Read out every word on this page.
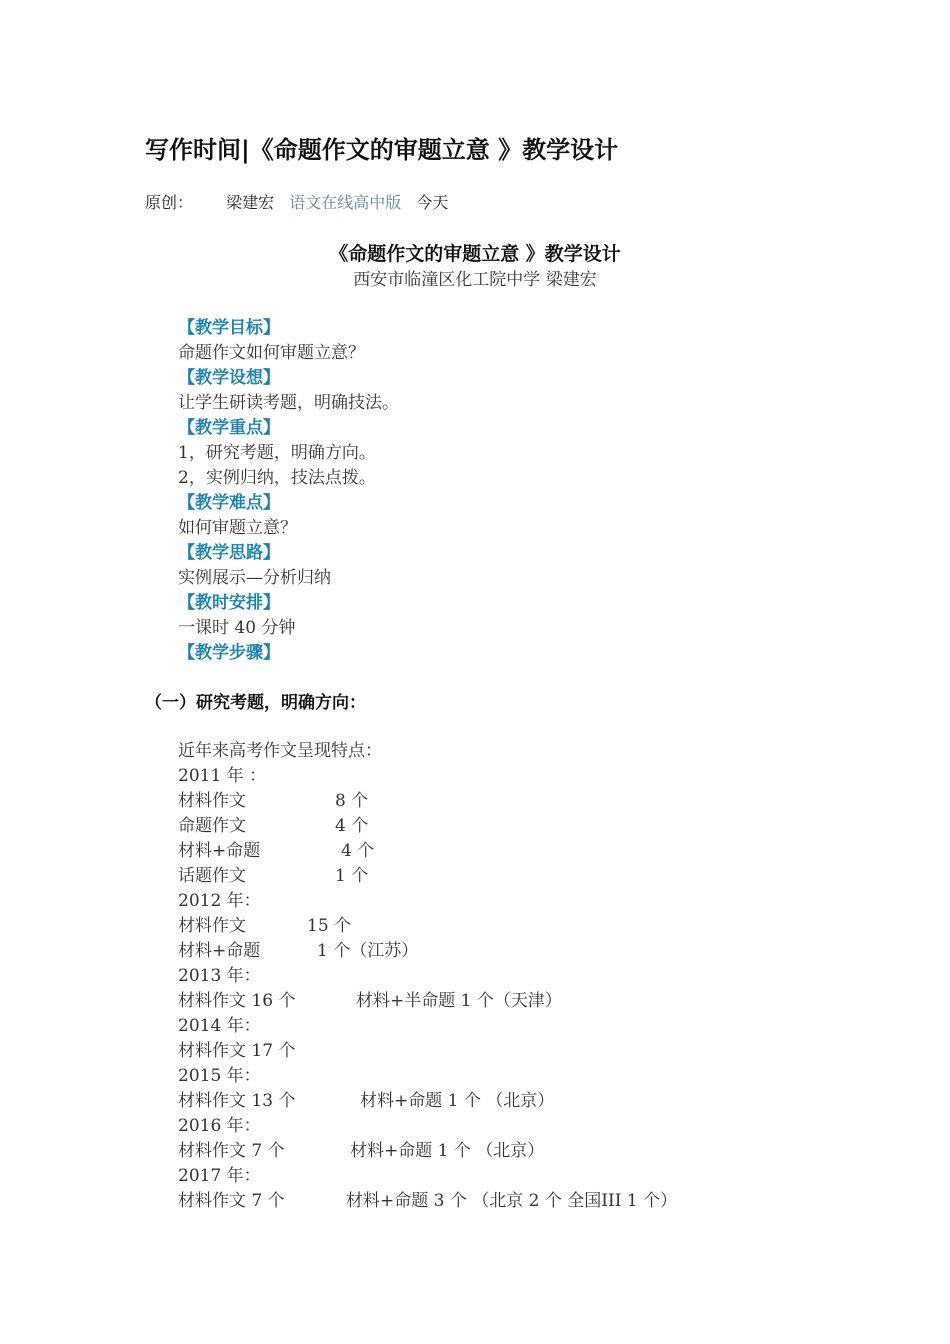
写作时间|《命题作文的审题立意 》教学设计
原创： 梁建宏 语文在线高中版 今天
《命题作文的审题立意 》教学设计
西安市临潼区化工院中学 梁建宏
【教学目标】
命题作文如何审题立意？
【教学设想】
让学生研读考题，明确技法。
【教学重点】
1，研究考题，明确方向。
2，实例归纳，技法点拨。
【教学难点】
如何审题立意？
【教学思路】
实例展示—分析归纳
【教时安排】
一课时 40 分钟
【教学步骤】
（一）研究考题，明确方向：
近年来高考作文呈现特点：
2011 年 ：
材料作文	8 个
命题作文	4 个
材料+命题	4 个
话题作文	1 个
2012 年：
材料作文	15 个
材料+命题	1 个（江苏）
2013 年：
材料作文 16 个	材料+半命题 1 个（天津）
2014 年：
材料作文 17 个
2015 年：
材料作文 13 个	材料+命题 1 个 （北京）
2016 年：
材料作文 7 个	材料+命题 1 个 （北京）
2017 年：
材料作文 7 个	材料+命题 3 个 （北京 2 个 全国III 1 个）
